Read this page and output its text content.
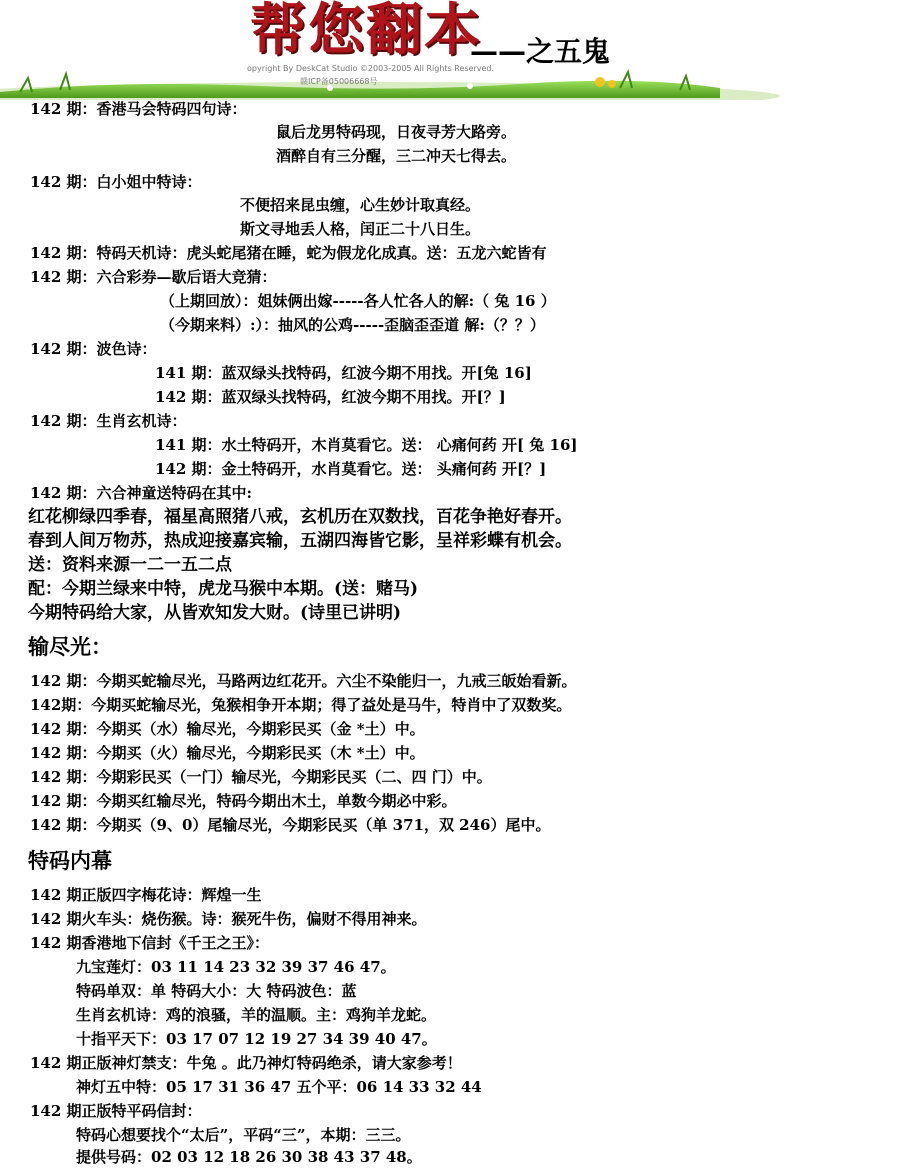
帮您翻本
——之五鬼
opyright By DeskCat Studio ©2003-2005 All Rights Reserved.
赣ICP备05006668号
142 期：香港马会特码四句诗：
鼠后龙男特码现，日夜寻芳大路旁。
酒醉自有三分醒，三二冲天七得去。
142 期：白小姐中特诗：
不便招来昆虫缠，心生妙计取真经。
斯文寻地丢人格，闰正二十八日生。
142 期：特码天机诗：虎头蛇尾猪在睡，蛇为假龙化成真。送：五龙六蛇皆有
142 期：六合彩券—歇后语大竞猜：
（上期回放）：姐妹俩出嫁-----各人忙各人的解:（ 兔 16 ）
（今期来料）:）：抽风的公鸡-----歪脑歪歪道 解:（？？）
142 期：波色诗：
141 期：蓝双绿头找特码，红波今期不用找。开[兔 16]
142 期：蓝双绿头找特码，红波今期不用找。开[？]
142 期：生肖玄机诗：
141 期：水土特码开，木肖莫看它。送： 心痛何药 开[ 兔 16]
142 期：金土特码开，水肖莫看它。送： 头痛何药 开[？]
142 期：六合神童送特码在其中:
红花柳绿四季春，福星高照猪八戒，玄机历在双数找，百花争艳好春开。
春到人间万物苏，热成迎接嘉宾输，五湖四海皆它影，呈祥彩蝶有机会。
送：资料来源一二一五二点
配：今期兰绿来中特，虎龙马猴中本期。(送：赌马)
今期特码给大家，从皆欢知发大财。(诗里已讲明)
输尽光：
142 期：今期买蛇输尽光，马路两边红花开。六尘不染能归一，九戒三皈始看新。
142期：今期买蛇输尽光，兔猴相争开本期；得了益处是马牛，特肖中了双数奖。
142 期：今期买（水）输尽光，今期彩民买（金 *土）中。
142 期：今期买（火）输尽光，今期彩民买（木 *土）中。
142 期：今期彩民买（一门）输尽光，今期彩民买（二、四 门）中。
142 期：今期买红输尽光，特码今期出木土，单数今期必中彩。
142 期：今期买（9、0）尾输尽光，今期彩民买（单 371，双 246）尾中。
特码内幕
142 期正版四字梅花诗：辉煌一生
142 期火车头：烧伤猴。诗：猴死牛伤，偏财不得用神来。
142 期香港地下信封《千王之王》：
九宝莲灯：03 11 14 23 32 39 37 46 47。
特码单双：单 特码大小：大 特码波色：蓝
生肖玄机诗：鸡的浪骚，羊的温顺。主：鸡狗羊龙蛇。
十指平天下：03 17 07 12 19 27 34 39 40 47。
142 期正版神灯禁支：牛兔 。此乃神灯特码绝杀，请大家参考！
神灯五中特：05 17 31 36 47 五个平：06 14 33 32 44
142 期正版特平码信封：
特码心想要找个“太后”，平码“三”，本期：三三。
提供号码：02 03 12 18 26 30 38 43 37 48。
